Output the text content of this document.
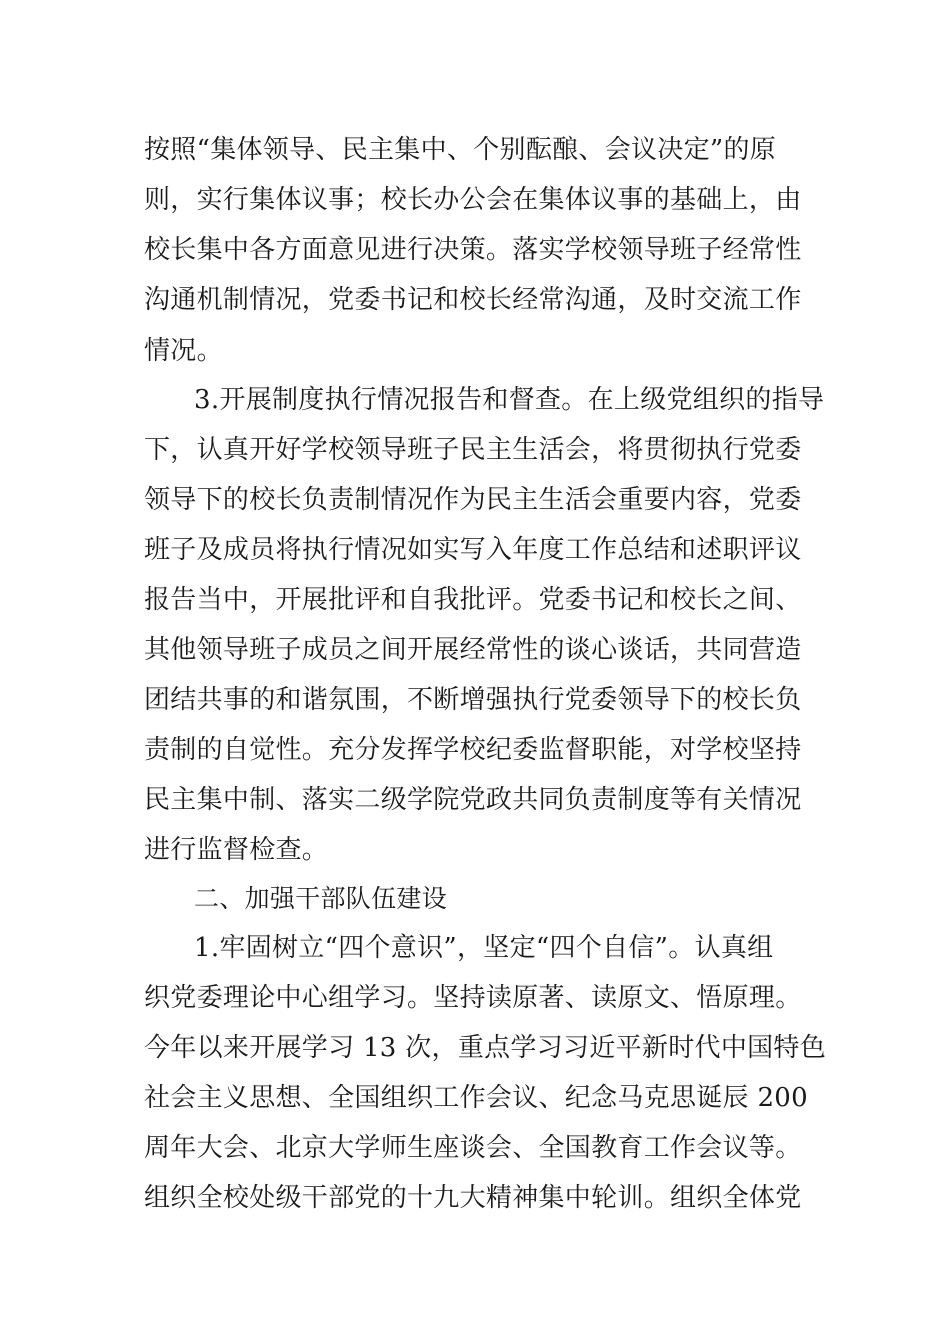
按照“集体领导、民主集中、个别酝酿、会议决定”的原
则，实行集体议事；校长办公会在集体议事的基础上，由
校长集中各方面意见进行决策。落实学校领导班子经常性
沟通机制情况，党委书记和校长经常沟通，及时交流工作
情况。
3.开展制度执行情况报告和督查。在上级党组织的指导
下，认真开好学校领导班子民主生活会，将贯彻执行党委
领导下的校长负责制情况作为民主生活会重要内容，党委
班子及成员将执行情况如实写入年度工作总结和述职评议
报告当中，开展批评和自我批评。党委书记和校长之间、
其他领导班子成员之间开展经常性的谈心谈话，共同营造
团结共事的和谐氛围，不断增强执行党委领导下的校长负
责制的自觉性。充分发挥学校纪委监督职能，对学校坚持
民主集中制、落实二级学院党政共同负责制度等有关情况
进行监督检查。
二、加强干部队伍建设
1.牢固树立“四个意识”，坚定“四个自信”。认真组
织党委理论中心组学习。坚持读原著、读原文、悟原理。
今年以来开展学习 13 次，重点学习习近平新时代中国特色
社会主义思想、全国组织工作会议、纪念马克思诞辰 200
周年大会、北京大学师生座谈会、全国教育工作会议等。
组织全校处级干部党的十九大精神集中轮训。组织全体党
